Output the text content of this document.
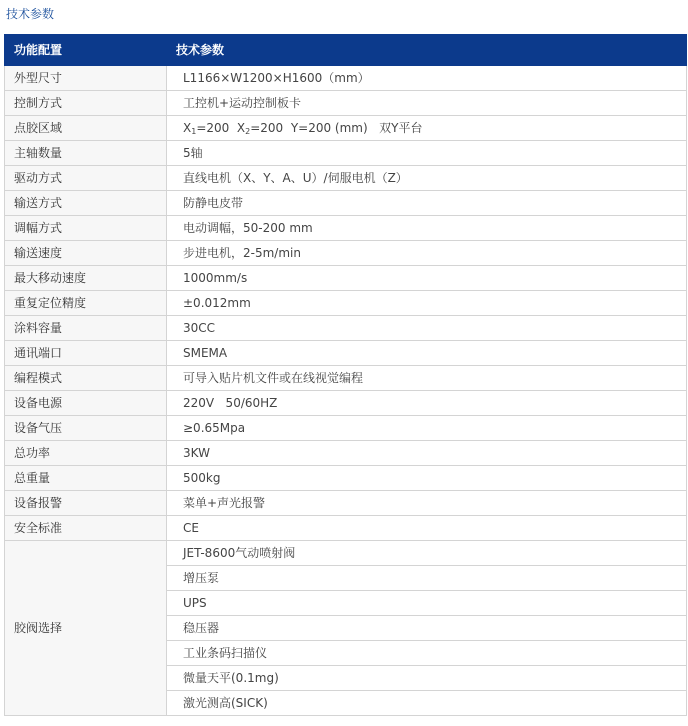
技术参数
功能配置	技术参数
外型尺寸	L1166×W1200×H1600（mm）
控制方式	工控机+运动控制板卡
点胶区域	$X_1=200$  $X_2=200$  Y=200 (mm)   双Y平台
主轴数量	5轴
驱动方式	直线电机（X、Y、A、U）/伺服电机（Z）
输送方式	防静电皮带
调幅方式	电动调幅，50-200 mm
输送速度	步进电机，2-5m/min
最大移动速度	1000mm/s
重复定位精度	±0.012mm
涂料容量	30CC
通讯端口	SMEMA
编程模式	可导入贴片机文件或在线视觉编程
设备电源	220V   50/60HZ
设备气压	≥0.65Mpa
总功率	3KW
总重量	500kg
设备报警	菜单+声光报警
安全标准	CE
胶阀选择	JET-8600气动喷射阀
	增压泵
	UPS
	稳压器
	工业条码扫描仪
	微量天平(0.1mg)
	激光测高(SICK)
